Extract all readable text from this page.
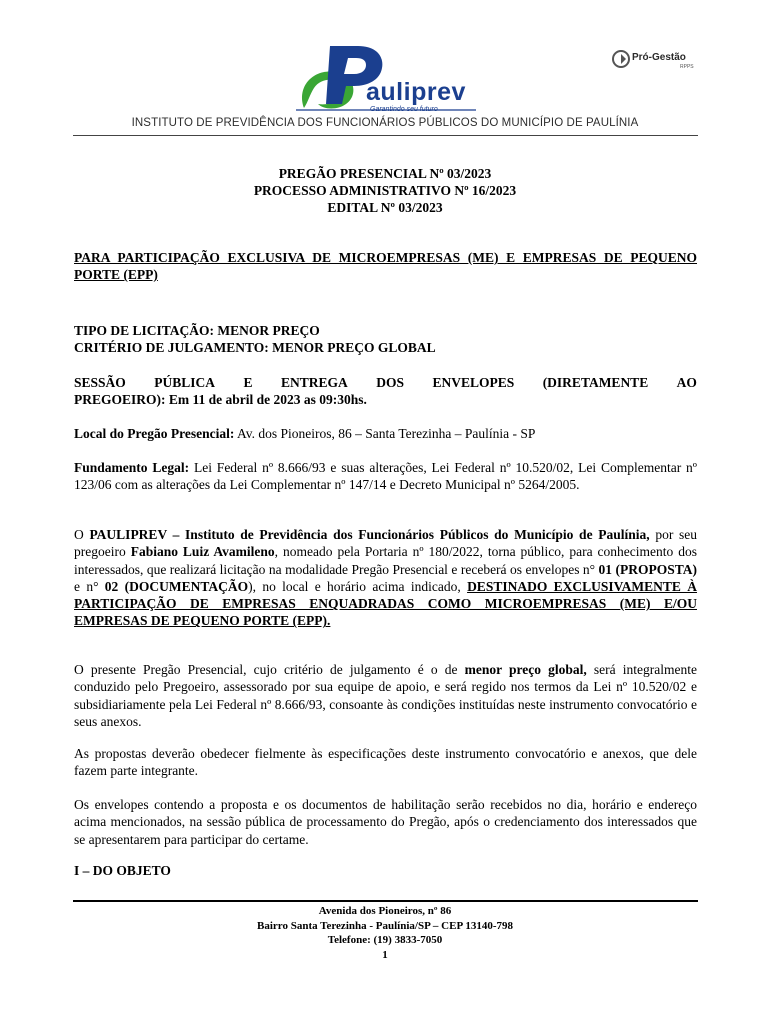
auliprev
Garantindo seu futuro
Pró-Gestão
RPPS
INSTITUTO DE PREVIDÊNCIA DOS FUNCIONÁRIOS PÚBLICOS DO MUNICÍPIO DE PAULÍNIA
PREGÃO PRESENCIAL Nº 03/2023
PROCESSO ADMINISTRATIVO Nº 16/2023
EDITAL Nº 03/2023
PARA PARTICIPAÇÃO EXCLUSIVA DE MICROEMPRESAS (ME) E EMPRESAS DE PEQUENO PORTE (EPP)
TIPO DE LICITAÇÃO: MENOR PREÇO
CRITÉRIO DE JULGAMENTO: MENOR PREÇO GLOBAL
SESSÃO PÚBLICA E ENTREGA DOS ENVELOPES (DIRETAMENTE AO
PREGOEIRO): Em 11 de abril de 2023 as 09:30hs.
Local do Pregão Presencial: Av. dos Pioneiros, 86 – Santa Terezinha – Paulínia - SP
Fundamento Legal: Lei Federal nº 8.666/93 e suas alterações, Lei Federal nº 10.520/02, Lei Complementar nº 123/06 com as alterações da Lei Complementar nº 147/14 e Decreto Municipal nº 5264/2005.
O PAULIPREV – Instituto de Previdência dos Funcionários Públicos do Município de Paulínia, por seu pregoeiro Fabiano Luiz Avamileno, nomeado pela Portaria nº 180/2022, torna público, para conhecimento dos interessados, que realizará licitação na modalidade Pregão Presencial e receberá os envelopes n° 01 (PROPOSTA) e n° 02 (DOCUMENTAÇÃO), no local e horário acima indicado, DESTINADO EXCLUSIVAMENTE À PARTICIPAÇÃO DE EMPRESAS ENQUADRADAS COMO MICROEMPRESAS (ME) E/OU EMPRESAS DE PEQUENO PORTE (EPP).
O presente Pregão Presencial, cujo critério de julgamento é o de menor preço global, será integralmente conduzido pelo Pregoeiro, assessorado por sua equipe de apoio, e será regido nos termos da Lei nº 10.520/02 e subsidiariamente pela Lei Federal nº 8.666/93, consoante às condições instituídas neste instrumento convocatório e seus anexos.
As propostas deverão obedecer fielmente às especificações deste instrumento convocatório e anexos, que dele fazem parte integrante.
Os envelopes contendo a proposta e os documentos de habilitação serão recebidos no dia, horário e endereço acima mencionados, na sessão pública de processamento do Pregão, após o credenciamento dos interessados que se apresentarem para participar do certame.
I – DO OBJETO
Avenida dos Pioneiros, nº 86
Bairro Santa Terezinha - Paulínia/SP – CEP 13140-798
Telefone: (19) 3833-7050
1
